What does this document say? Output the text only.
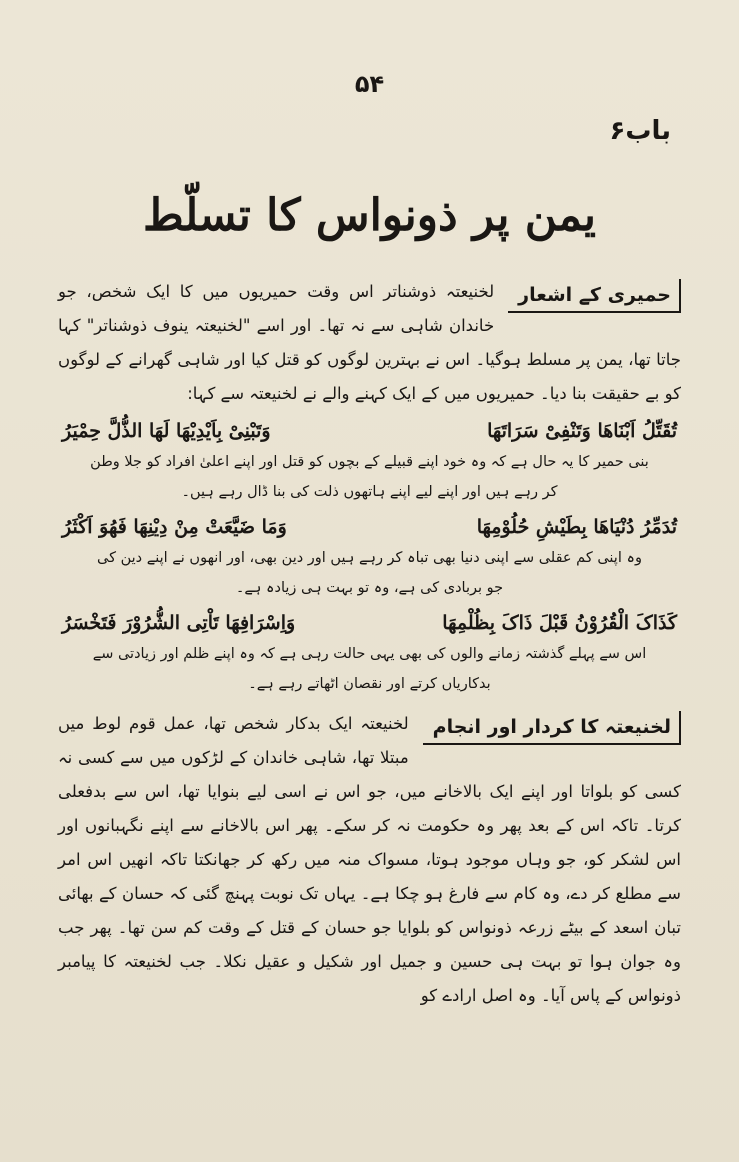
۵۴
باب۶
یمن پر ذونواس کا تسلّط
حمیری کے اشعار
لخنیعتہ ذوشناتر اس وقت حمیریوں میں کا ایک شخص، جو خاندان شاہی سے نہ تھا۔ اور اسے "لخنیعتہ ینوف ذوشناتر" کہا جاتا تھا، یمن پر مسلط ہوگیا۔ اس نے بہترین لوگوں کو قتل کیا اور شاہی گھرانے کے لوگوں کو بے حقیقت بنا دیا۔ حمیریوں میں کے ایک کہنے والے نے لخنیعتہ سے کہا:
تُقَتِّلُ اَبْنَاھَا وَتَنْفِیْ سَرَاتَھَا
وَتَبْنِیْ بِاَیْدِیْھَا لَھَا الذُّلَّ حِمْیَرُ
بنی حمیر کا یہ حال ہے کہ وہ خود اپنے قبیلے کے بچوں کو قتل اور اپنے اعلیٰ افراد کو جلا وطن کر رہے ہیں اور اپنے لیے اپنے ہاتھوں ذلت کی بنا ڈال رہے ہیں۔
تُدَمِّرُ دُنْیَاھَا بِطَیْشِ حُلُوْمِھَا
وَمَا ضَیَّعَتْ مِنْ دِیْنِھَا فَھُوَ اَکْثَرُ
وہ اپنی کم عقلی سے اپنی دنیا بھی تباہ کر رہے ہیں اور دین بھی، اور انھوں نے اپنے دین کی جو بربادی کی ہے، وہ تو بہت ہی زیادہ ہے۔
کَذَاکَ الْقُرُوْنُ قَبْلَ ذَاکَ بِظُلْمِھَا
وَاِسْرَافِھَا تَاْتِی الشُّرُوْرَ فَتَخْسَرُ
اس سے پہلے گذشتہ زمانے والوں کی بھی یہی حالت رہی ہے کہ وہ اپنے ظلم اور زیادتی سے بدکاریاں کرتے اور نقصان اٹھاتے رہے ہے۔
لخنیعتہ کا کردار اور انجام
لخنیعتہ ایک بدکار شخص تھا، عمل قوم لوط میں مبتلا تھا، شاہی خاندان کے لڑکوں میں سے کسی نہ کسی کو بلواتا اور اپنے ایک بالاخانے میں، جو اس نے اسی لیے بنوایا تھا، اس سے بدفعلی کرتا۔ تاکہ اس کے بعد پھر وہ حکومت نہ کر سکے۔ پھر اس بالاخانے سے اپنے نگہبانوں اور اس لشکر کو، جو وہاں موجود ہوتا، مسواک منہ میں رکھ کر جھانکتا تاکہ انھیں اس امر سے مطلع کر دے، وہ کام سے فارغ ہو چکا ہے۔ یہاں تک نوبت پہنچ گئی کہ حسان کے بھائی تبان اسعد کے بیٹے زرعہ ذونواس کو بلوایا جو حسان کے قتل کے وقت کم سن تھا۔ پھر جب وہ جوان ہوا تو بہت ہی حسین و جمیل اور شکیل و عقیل نکلا۔ جب لخنیعتہ کا پیامبر ذونواس کے پاس آیا۔ وہ اصل ارادے کو
